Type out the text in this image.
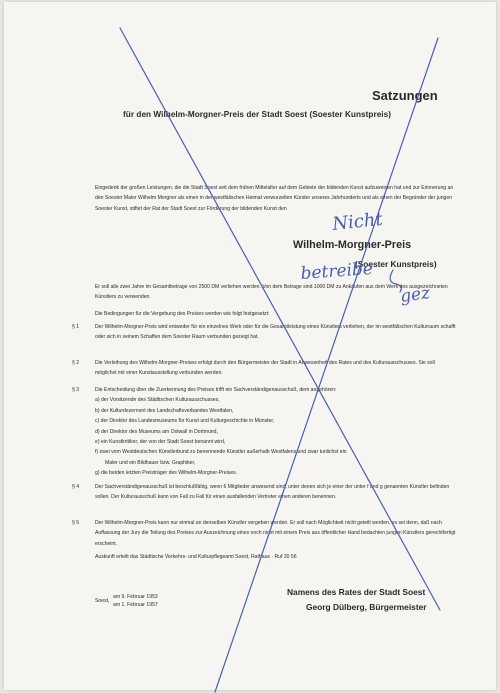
Satzungen
für den Wilhelm-Morgner-Preis der Stadt Soest (Soester Kunstpreis)
Eingedenk der großen Leistungen, die die Stadt Soest seit dem frühen Mittelalter auf dem Gebiete der bildenden Kunst aufzuweisen hat und zur Erinnerung an den Soester Maler Wilhelm Morgner als einen in der westfälischen Heimat verwurzelten Künder unseres Jahrhunderts und als einen der Begründer der jungen Soester Kunst, stiftet der Rat der Stadt Soest zur Förderung der bildenden Kunst den
Wilhelm-Morgner-Preis
(Soester Kunstpreis)
Er soll alle zwei Jahre im Gesamtbetrage von 2500 DM verliehen werden. Von dem Betrage sind 1000 DM zu Ankäufen aus dem Werk des ausgezeichneten Künstlers zu verwenden.
Die Bedingungen für die Vergebung des Preises werden wie folgt festgesetzt:
§ 1	Der Wilhelm-Morgner-Preis wird entweder für ein einzelnes Werk oder für die Gesamtleistung eines Künstlers verliehen, der im westfälischen Kulturraum schafft oder sich in seinem Schaffen dem Soester Raum verbunden gezeigt hat.
§ 2	Die Verleihung des Wilhelm-Morgner-Preises erfolgt durch den Bürgermeister der Stadt in Anwesenheit des Rates und des Kulturausschusses. Sie soll möglichst mit einer Kunstausstellung verbunden werden.
§ 3	Die Entscheidung über die Zuerkennung des Preises trifft ein Sachverständigenausschuß, dem angehören:
a) der Vorsitzende des Städtischen Kulturausschusses,
b) der Kulturdezernent des Landschaftsverbandes Westfalen,
c) der Direktor des Landesmuseums für Kunst und Kulturgeschichte in Münster,
d) der Direktor des Museums am Ostwall in Dortmund,
e) ein Kunstkritiker, der von der Stadt Soest benannt wird,
f) zwei vom Westdeutschen Künstlerbund zu benennende Künstler außerhalb Westfalens und zwar tunlichst ein
Maler und ein Bildhauer bzw. Graphiker,
g) die beiden letzten Preisträger des Wilhelm-Morgner-Preises.
§ 4	Der Sachverständigenausschuß ist beschlußfähig, wenn 6 Mitglieder anwesend sind, unter denen sich je einer der unter f und g genannten Künstler befinden sollen. Der Kulturausschuß kann von Fall zu Fall für einen ausfallenden Vertreter einen anderen benennen.
§ 5	Der Wilhelm-Morgner-Preis kann nur einmal an denselben Künstler vergeben werden. Er soll nach Möglichkeit nicht geteilt werden, es sei denn, daß nach Auffassung der Jury die Teilung des Preises zur Auszeichnung eines noch nicht mit einem Preis aus öffentlicher Hand bedachten jungen Künstlers gerechtfertigt erscheint.
Auskunft erteilt das Städtische Verkehrs- und Kulturpflegeamt Soest, Rathaus · Ruf 20 56
Soest,
am 9. Februar 1953
am 1. Februar 1957
Namens des Rates der Stadt Soest
Georg Dülberg, Bürgermeister
Nicht
betreibe
gez
